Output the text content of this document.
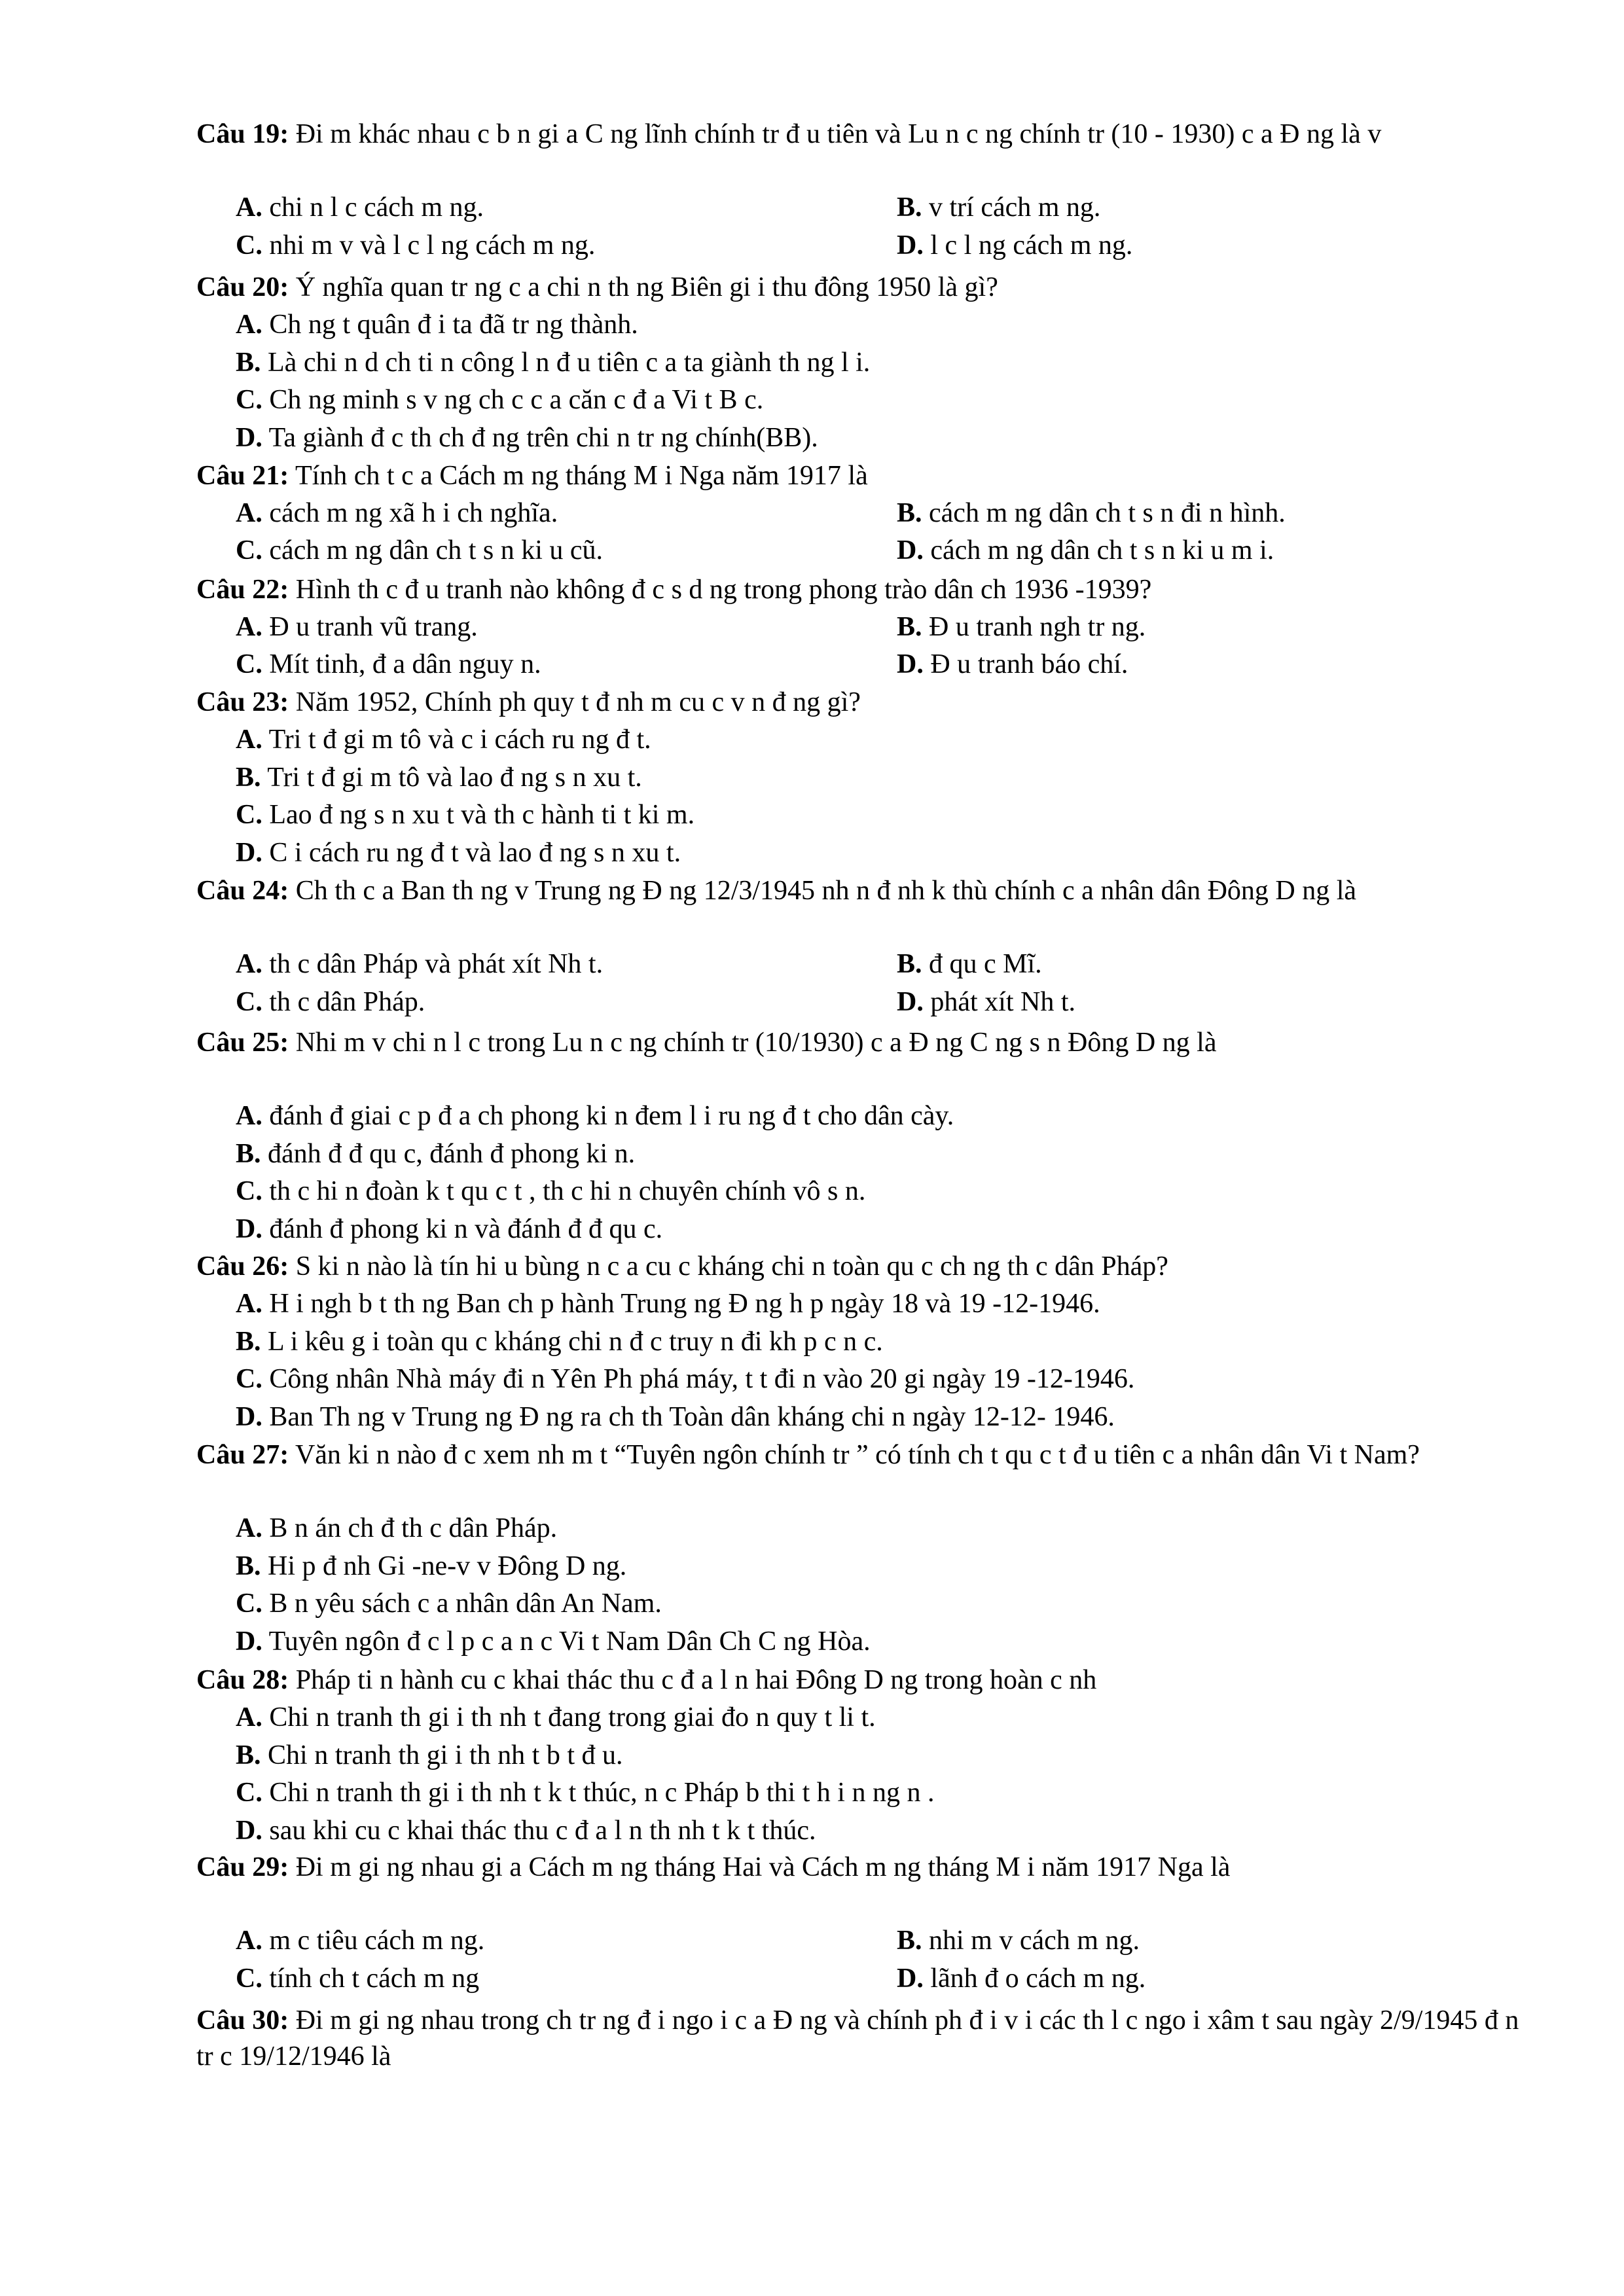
Câu 19: Đi m khác nhau c b n gi a C ng lĩnh chính tr đ u tiên và Lu n c ng chính tr (10 - 1930) c a Đ ng là v
A. chi n l c cách m ng.	B. v trí cách m ng.
C. nhi m v và l c l ng cách m ng.	D. l c l ng cách m ng.
Câu 20: Ý nghĩa quan tr ng c a chi n th ng Biên gi i thu đông 1950 là gì?
A. Ch ng t quân đ i ta đã tr ng thành.
B. Là chi n d ch ti n công l n đ u tiên c a ta giành th ng l i.
C. Ch ng minh s v ng ch c c a căn c đ a Vi t B c.
D. Ta giành đ c th ch đ ng trên chi n tr ng chính(BB).
Câu 21: Tính ch t c a Cách m ng tháng M i Nga năm 1917 là
A. cách m ng xã h i ch nghĩa.	B. cách m ng dân ch t s n đi n hình.
C. cách m ng dân ch t s n ki u cũ.	D. cách m ng dân ch t s n ki u m i.
Câu 22: Hình th c đ u tranh nào không đ c s d ng trong phong trào dân ch 1936 -1939?
A. Đ u tranh vũ trang.	B. Đ u tranh ngh tr ng.
C. Mít tinh, đ a dân nguy n.	D. Đ u tranh báo chí.
Câu 23: Năm 1952, Chính ph quy t đ nh m cu c v n đ ng gì?
A. Tri t đ gi m tô và c i cách ru ng đ t.
B. Tri t đ gi m tô và lao đ ng s n xu t.
C. Lao đ ng s n xu t và th c hành ti t ki m.
D. C i cách ru ng đ t và lao đ ng s n xu t.
Câu 24: Ch th c a Ban th ng v Trung ng Đ ng 12/3/1945 nh n đ nh k thù chính c a nhân dân Đông D ng là
A. th c dân Pháp và phát xít Nh t.	B. đ qu c Mĩ.
C. th c dân Pháp.	D. phát xít Nh t.
Câu 25: Nhi m v chi n l c trong Lu n c ng chính tr (10/1930) c a Đ ng C ng s n Đông D ng là
A. đánh đ giai c p đ a ch phong ki n đem l i ru ng đ t cho dân cày.
B. đánh đ đ qu c, đánh đ phong ki n.
C. th c hi n đoàn k t qu c t , th c hi n chuyên chính vô s n.
D. đánh đ phong ki n và đánh đ đ qu c.
Câu 26: S ki n nào là tín hi u bùng n c a cu c kháng chi n toàn qu c ch ng th c dân Pháp?
A. H i ngh b t th ng Ban ch p hành Trung ng Đ ng h p ngày 18 và 19 -12-1946.
B. L i kêu g i toàn qu c kháng chi n đ c truy n đi kh p c n c.
C. Công nhân Nhà máy đi n Yên Ph phá máy, t t đi n vào 20 gi ngày 19 -12-1946.
D. Ban Th ng v Trung ng Đ ng ra ch th Toàn dân kháng chi n ngày 12-12- 1946.
Câu 27: Văn ki n nào đ c xem nh m t “Tuyên ngôn chính tr ” có tính ch t qu c t đ u tiên c a nhân dân Vi t Nam?
A. B n án ch đ th c dân Pháp.
B. Hi p đ nh Gi -ne-v v Đông D ng.
C. B n yêu sách c a nhân dân An Nam.
D. Tuyên ngôn đ c l p c a n c Vi t Nam Dân Ch C ng Hòa.
Câu 28: Pháp ti n hành cu c khai thác thu c đ a l n hai Đông D ng trong hoàn c nh
A. Chi n tranh th gi i th nh t đang trong giai đo n quy t li t.
B. Chi n tranh th gi i th nh t b t đ u.
C. Chi n tranh th gi i th nh t k t thúc, n c Pháp b thi t h i n ng n .
D. sau khi cu c khai thác thu c đ a l n th nh t k t thúc.
Câu 29: Đi m gi ng nhau gi a Cách m ng tháng Hai và Cách m ng tháng M i năm 1917 Nga là
A. m c tiêu cách m ng.	B. nhi m v cách m ng.
C. tính ch t cách m ng	D. lãnh đ o cách m ng.
Câu 30: Đi m gi ng nhau trong ch tr ng đ i ngo i c a Đ ng và chính ph đ i v i các th l c ngo i xâm t sau ngày 2/9/1945 đ n tr c 19/12/1946 là
